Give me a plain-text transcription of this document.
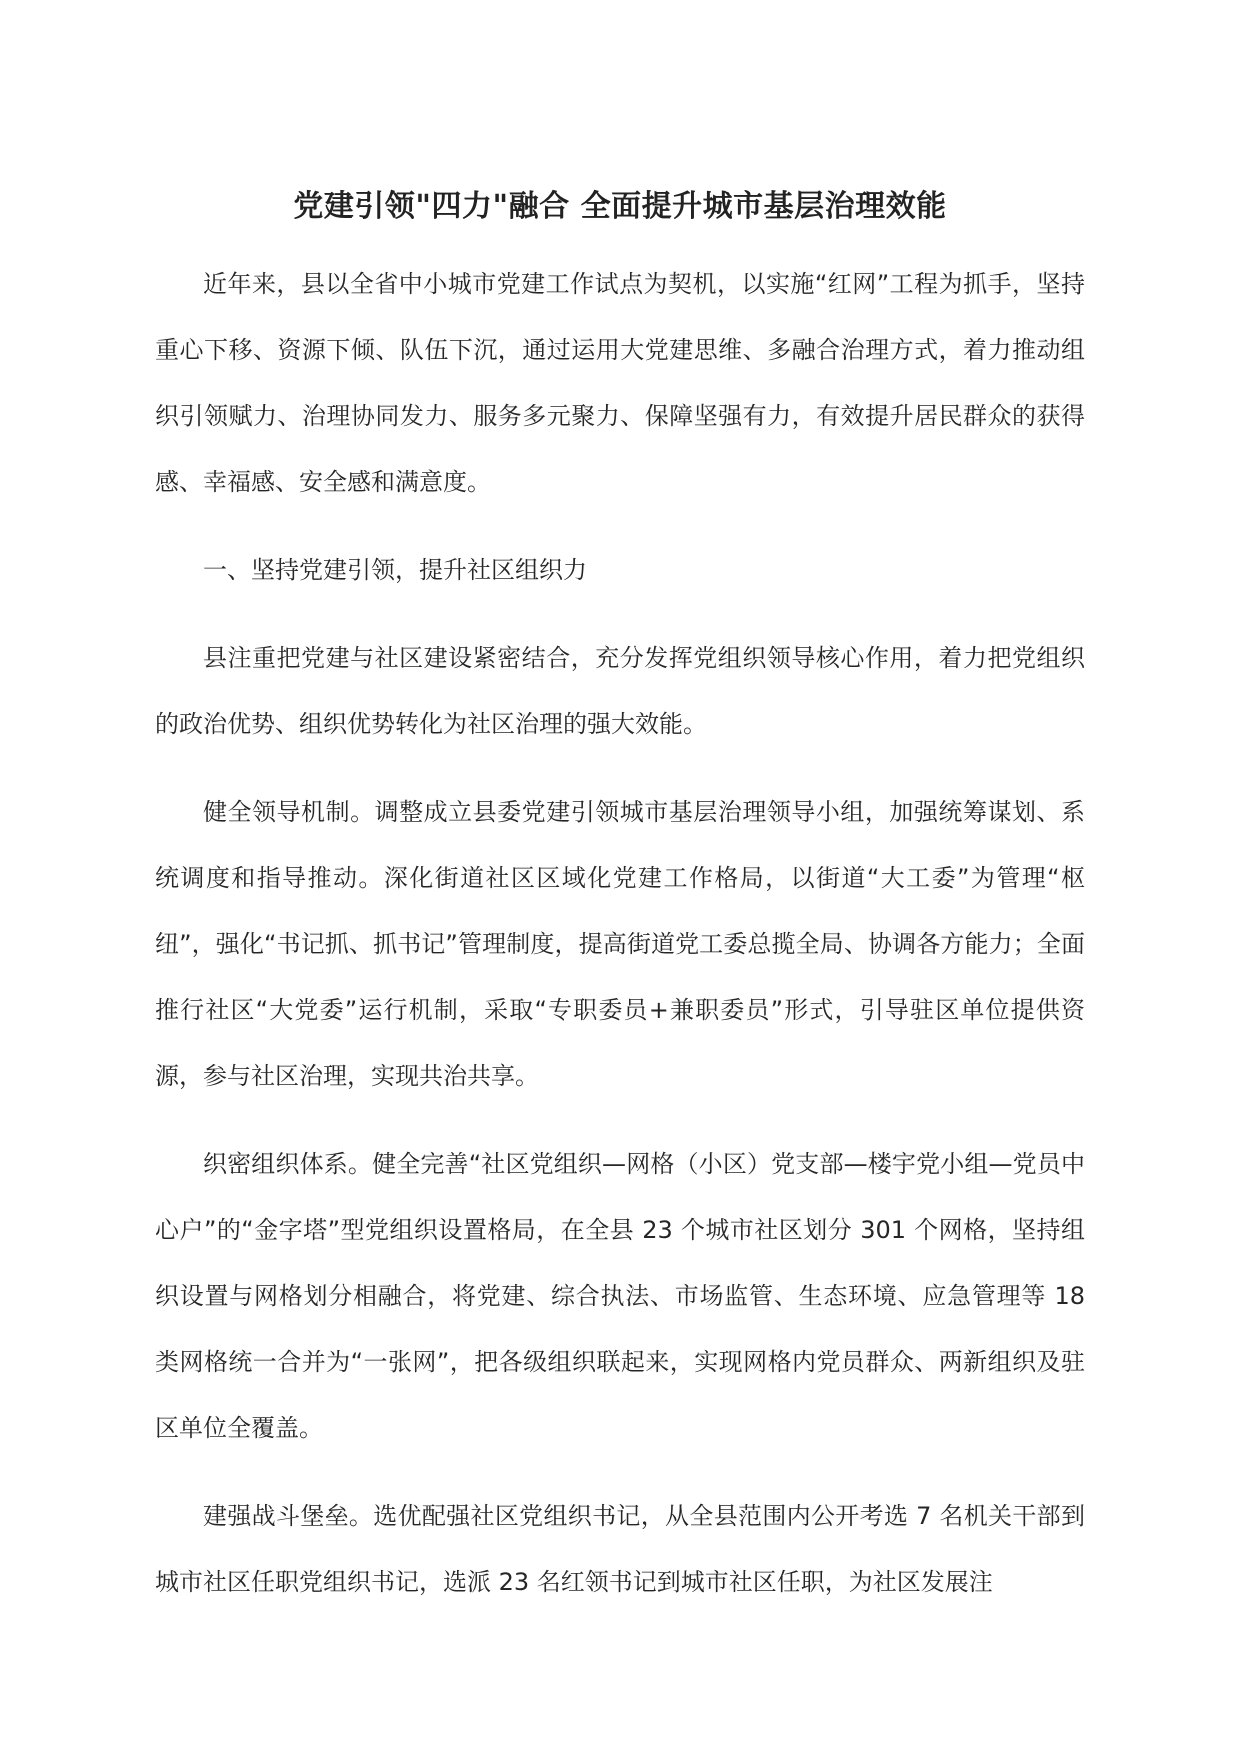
党建引领"四力"融合 全面提升城市基层治理效能

近年来，县以全省中小城市党建工作试点为契机，以实施“红网”工程为抓手，坚持重心下移、资源下倾、队伍下沉，通过运用大党建思维、多融合治理方式，着力推动组织引领赋力、治理协同发力、服务多元聚力、保障坚强有力，有效提升居民群众的获得感、幸福感、安全感和满意度。

一、坚持党建引领，提升社区组织力

县注重把党建与社区建设紧密结合，充分发挥党组织领导核心作用，着力把党组织的政治优势、组织优势转化为社区治理的强大效能。

健全领导机制。调整成立县委党建引领城市基层治理领导小组，加强统筹谋划、系统调度和指导推动。深化街道社区区域化党建工作格局，以街道“大工委”为管理“枢纽”，强化“书记抓、抓书记”管理制度，提高街道党工委总揽全局、协调各方能力；全面推行社区“大党委”运行机制，采取“专职委员+兼职委员”形式，引导驻区单位提供资源，参与社区治理，实现共治共享。

织密组织体系。健全完善“社区党组织—网格（小区）党支部—楼宇党小组—党员中心户”的“金字塔”型党组织设置格局，在全县 23 个城市社区划分 301 个网格，坚持组织设置与网格划分相融合，将党建、综合执法、市场监管、生态环境、应急管理等 18 类网格统一合并为“一张网”，把各级组织联起来，实现网格内党员群众、两新组织及驻区单位全覆盖。

建强战斗堡垒。选优配强社区党组织书记，从全县范围内公开考选 7 名机关干部到城市社区任职党组织书记，选派 23 名红领书记到城市社区任职，为社区发展注
